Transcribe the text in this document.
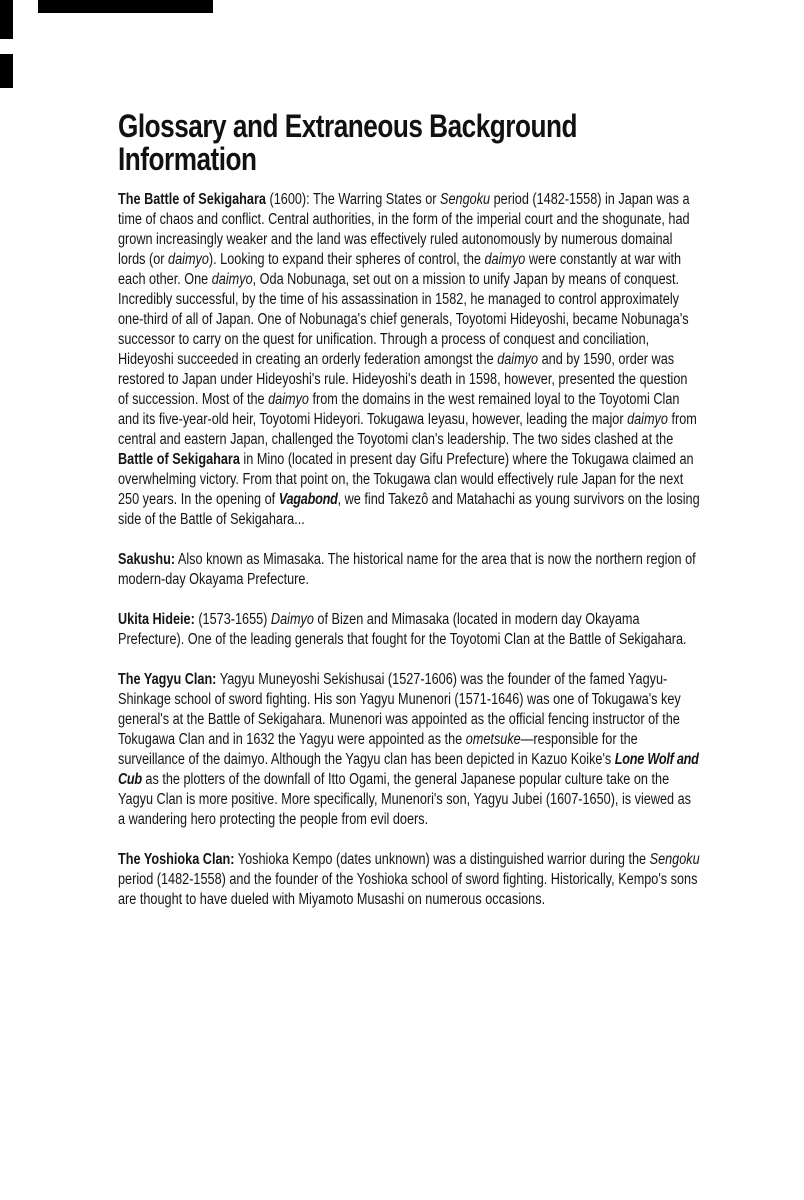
Glossary and Extraneous Background
Information

The Battle of Sekigahara (1600): The Warring States or Sengoku period (1482-1558) in Japan was a time of chaos and conflict. Central authorities, in the form of the imperial court and the shogunate, had grown increasingly weaker and the land was effectively ruled autonomously by numerous domainal lords (or daimyo). Looking to expand their spheres of control, the daimyo were constantly at war with each other. One daimyo, Oda Nobunaga, set out on a mission to unify Japan by means of conquest. Incredibly successful, by the time of his assassination in 1582, he managed to control approximately one-third of all of Japan. One of Nobunaga's chief generals, Toyotomi Hideyoshi, became Nobunaga's successor to carry on the quest for unification. Through a process of conquest and conciliation, Hideyoshi succeeded in creating an orderly federation amongst the daimyo and by 1590, order was restored to Japan under Hideyoshi's rule. Hideyoshi's death in 1598, however, presented the question of succession. Most of the daimyo from the domains in the west remained loyal to the Toyotomi Clan and its five-year-old heir, Toyotomi Hideyori. Tokugawa Ieyasu, however, leading the major daimyo from central and eastern Japan, challenged the Toyotomi clan's leadership. The two sides clashed at the Battle of Sekigahara in Mino (located in present day Gifu Prefecture) where the Tokugawa claimed an overwhelming victory. From that point on, the Tokugawa clan would effectively rule Japan for the next 250 years. In the opening of Vagabond, we find Takezô and Matahachi as young survivors on the losing side of the Battle of Sekigahara...

Sakushu: Also known as Mimasaka. The historical name for the area that is now the northern region of modern-day Okayama Prefecture.

Ukita Hideie: (1573-1655) Daimyo of Bizen and Mimasaka (located in modern day Okayama Prefecture). One of the leading generals that fought for the Toyotomi Clan at the Battle of Sekigahara.

The Yagyu Clan: Yagyu Muneyoshi Sekishusai (1527-1606) was the founder of the famed Yagyu-Shinkage school of sword fighting. His son Yagyu Munenori (1571-1646) was one of Tokugawa's key general's at the Battle of Sekigahara. Munenori was appointed as the official fencing instructor of the Tokugawa Clan and in 1632 the Yagyu were appointed as the ometsuke—responsible for the surveillance of the daimyo. Although the Yagyu clan has been depicted in Kazuo Koike's Lone Wolf and Cub as the plotters of the downfall of Itto Ogami, the general Japanese popular culture take on the Yagyu Clan is more positive. More specifically, Munenori's son, Yagyu Jubei (1607-1650), is viewed as a wandering hero protecting the people from evil doers.

The Yoshioka Clan: Yoshioka Kempo (dates unknown) was a distinguished warrior during the Sengoku period (1482-1558) and the founder of the Yoshioka school of sword fighting. Historically, Kempo's sons are thought to have dueled with Miyamoto Musashi on numerous occasions.
